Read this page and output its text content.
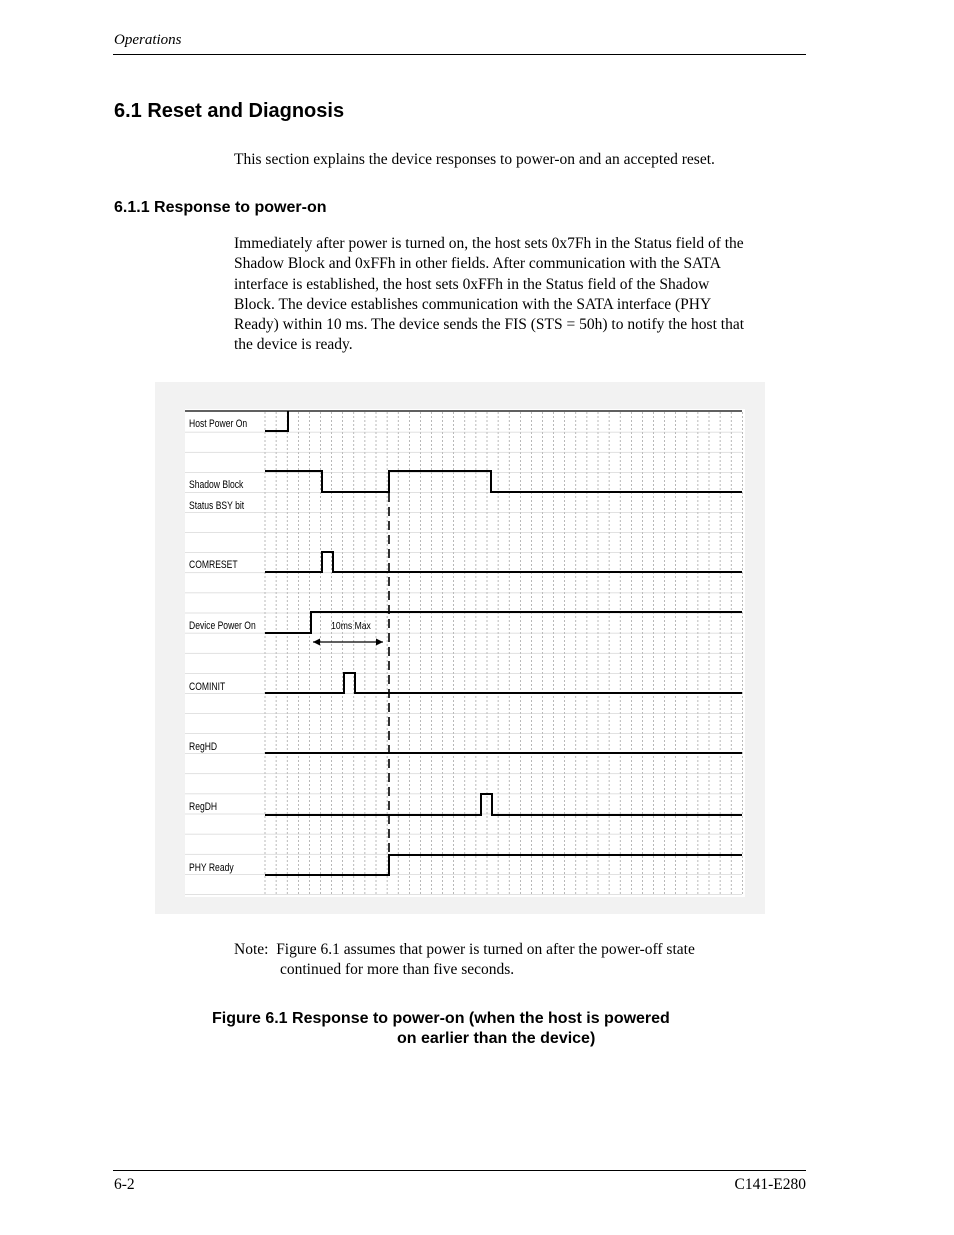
Operations
6.1 Reset and Diagnosis
This section explains the device responses to power-on and an accepted reset.
6.1.1 Response to power-on
Immediately after power is turned on, the host sets 0x7Fh in the Status field of the
Shadow Block and 0xFFh in other fields. After communication with the SATA
interface is established, the host sets 0xFFh in the Status field of the Shadow
Block. The device establishes communication with the SATA interface (PHY
Ready) within 10 ms. The device sends the FIS (STS = 50h) to notify the host that
the device is ready.
Host Power On
Shadow Block
Status BSY bit
COMRESET
Device Power On
COMINIT
RegHD
RegDH
PHY Ready
10ms Max
Note: Figure 6.1 assumes that power is turned on after the power-off state
continued for more than five seconds.
Figure 6.1 Response to power-on (when the host is powered
on earlier than the device)
6-2	C141-E280
